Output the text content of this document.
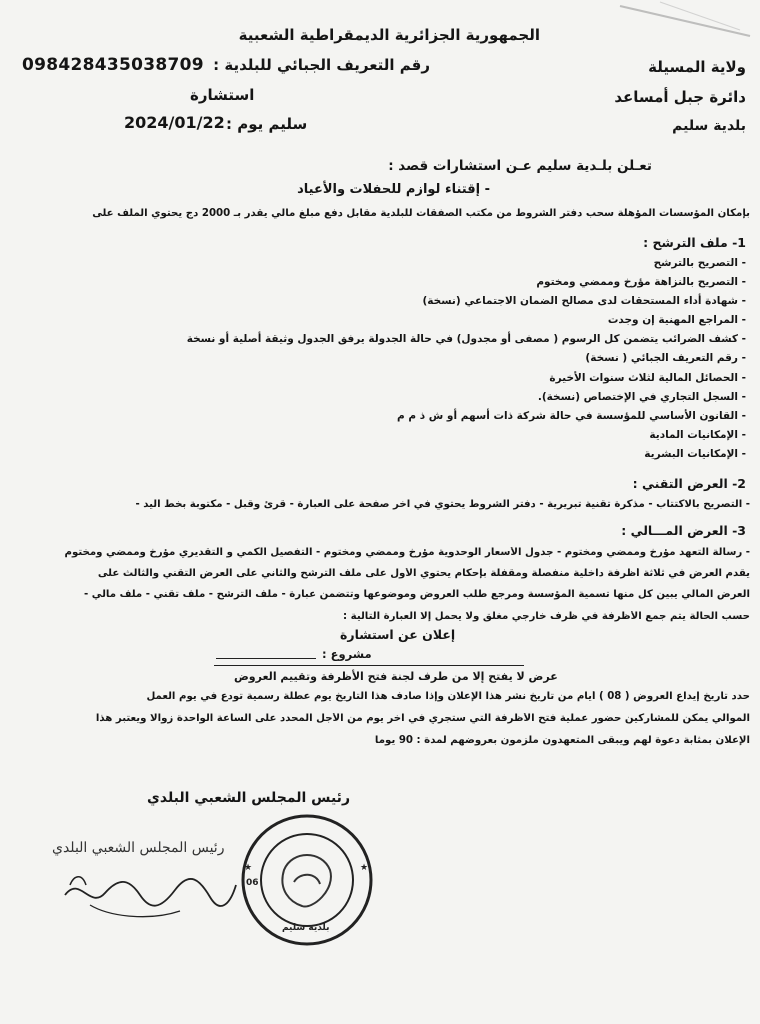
الجمهورية الجزائرية الديمقراطية الشعبية
رقم التعريف الجبائي للبلدية :
098428435038709	ولاية المسيلة
دائرة جبل أمساعد
بلدية سليم
استشارة
سليم يوم :
2024/01/22
تعـلن بلـدية سليم عـن استشارات قصد :
- إقتناء لوازم للحفلات والأعياد
بإمكان المؤسسات المؤهلة سحب دفتر الشروط من مكتب الصفقات للبلدية مقابل دفع مبلغ مالي يقدر بـ 2000 دج يحتوي الملف على
1- ملف الترشح :
- التصريح بالترشح
- التصريح بالنزاهة مؤرخ وممضي ومختوم
- شهادة أداء المستحقات لدى مصالح الضمان الاجتماعي (نسخة)
- المراجع المهنية إن وجدت
- كشف الضرائب يتضمن كل الرسوم ( مصفى أو مجدول) في حالة الجدولة يرفق الجدول وثيقة أصلية أو نسخة
- رقم التعريف الجبائي ( نسخة)
- الحصائل المالية لثلاث سنوات الأخيرة
- السجل التجاري في الإختصاص (نسخة).
- القانون الأساسي للمؤسسة في حالة شركة ذات أسهم أو ش ذ م م
- الإمكانيات المادية
- الإمكانيات البشرية
2- العرض التقني :
- التصريح بالاكتتاب - مذكرة تقنية تبريرية - دفتر الشروط يحتوي في آخر صفحة على العبارة - قرئ وقبل - مكتوبة بخط اليد -
3- العرض المـــالي :
- رسالة التعهد مؤرخ وممضي ومختوم - جدول الأسعار الوحدوية مؤرخ وممضي ومختوم - التفصيل الكمي و التقديري مؤرخ وممضي ومختوم
يقدم العرض في ثلاثة أظرفة داخلية منفصلة ومقفلة بإحكام يحتوي الأول على ملف الترشح والثاني على العرض التقني والثالث على
العرض المالي يبين كل منها تسمية المؤسسة ومرجع طلب العروض وموضوعها وتتضمن عبارة - ملف الترشح - ملف تقني - ملف مالي -
حسب الحالة يتم جمع الأظرفة في ظرف خارجي مغلق ولا يحمل إلا العبارة التالية :
إعلان عن استشارة
مشروع :
عرض لا يفتح إلا من طرف لجنة فتح الأظرفة وتقييم العروض
حدد تاريخ إيداع العروض ( 08 ) أيام من تاريخ نشر هذا الإعلان وإذا صادف هذا التاريخ يوم عطلة رسمية تودع في يوم العمل
الموالي يمكن للمشاركين حضور عملية فتح الأظرفة التي ستجري في آخر يوم من الأجل المحدد على الساعة الواحدة زوالا ويعتبر هذا
الإعلان بمثابة دعوة لهم ويبقى المتعهدون ملزمون بعروضهم لمدة : 90 يوما
رئيس المجلس الشعبي البلدي
رئيس المجلس الشعبي البلدي
بلدية سليم
06
★	★
